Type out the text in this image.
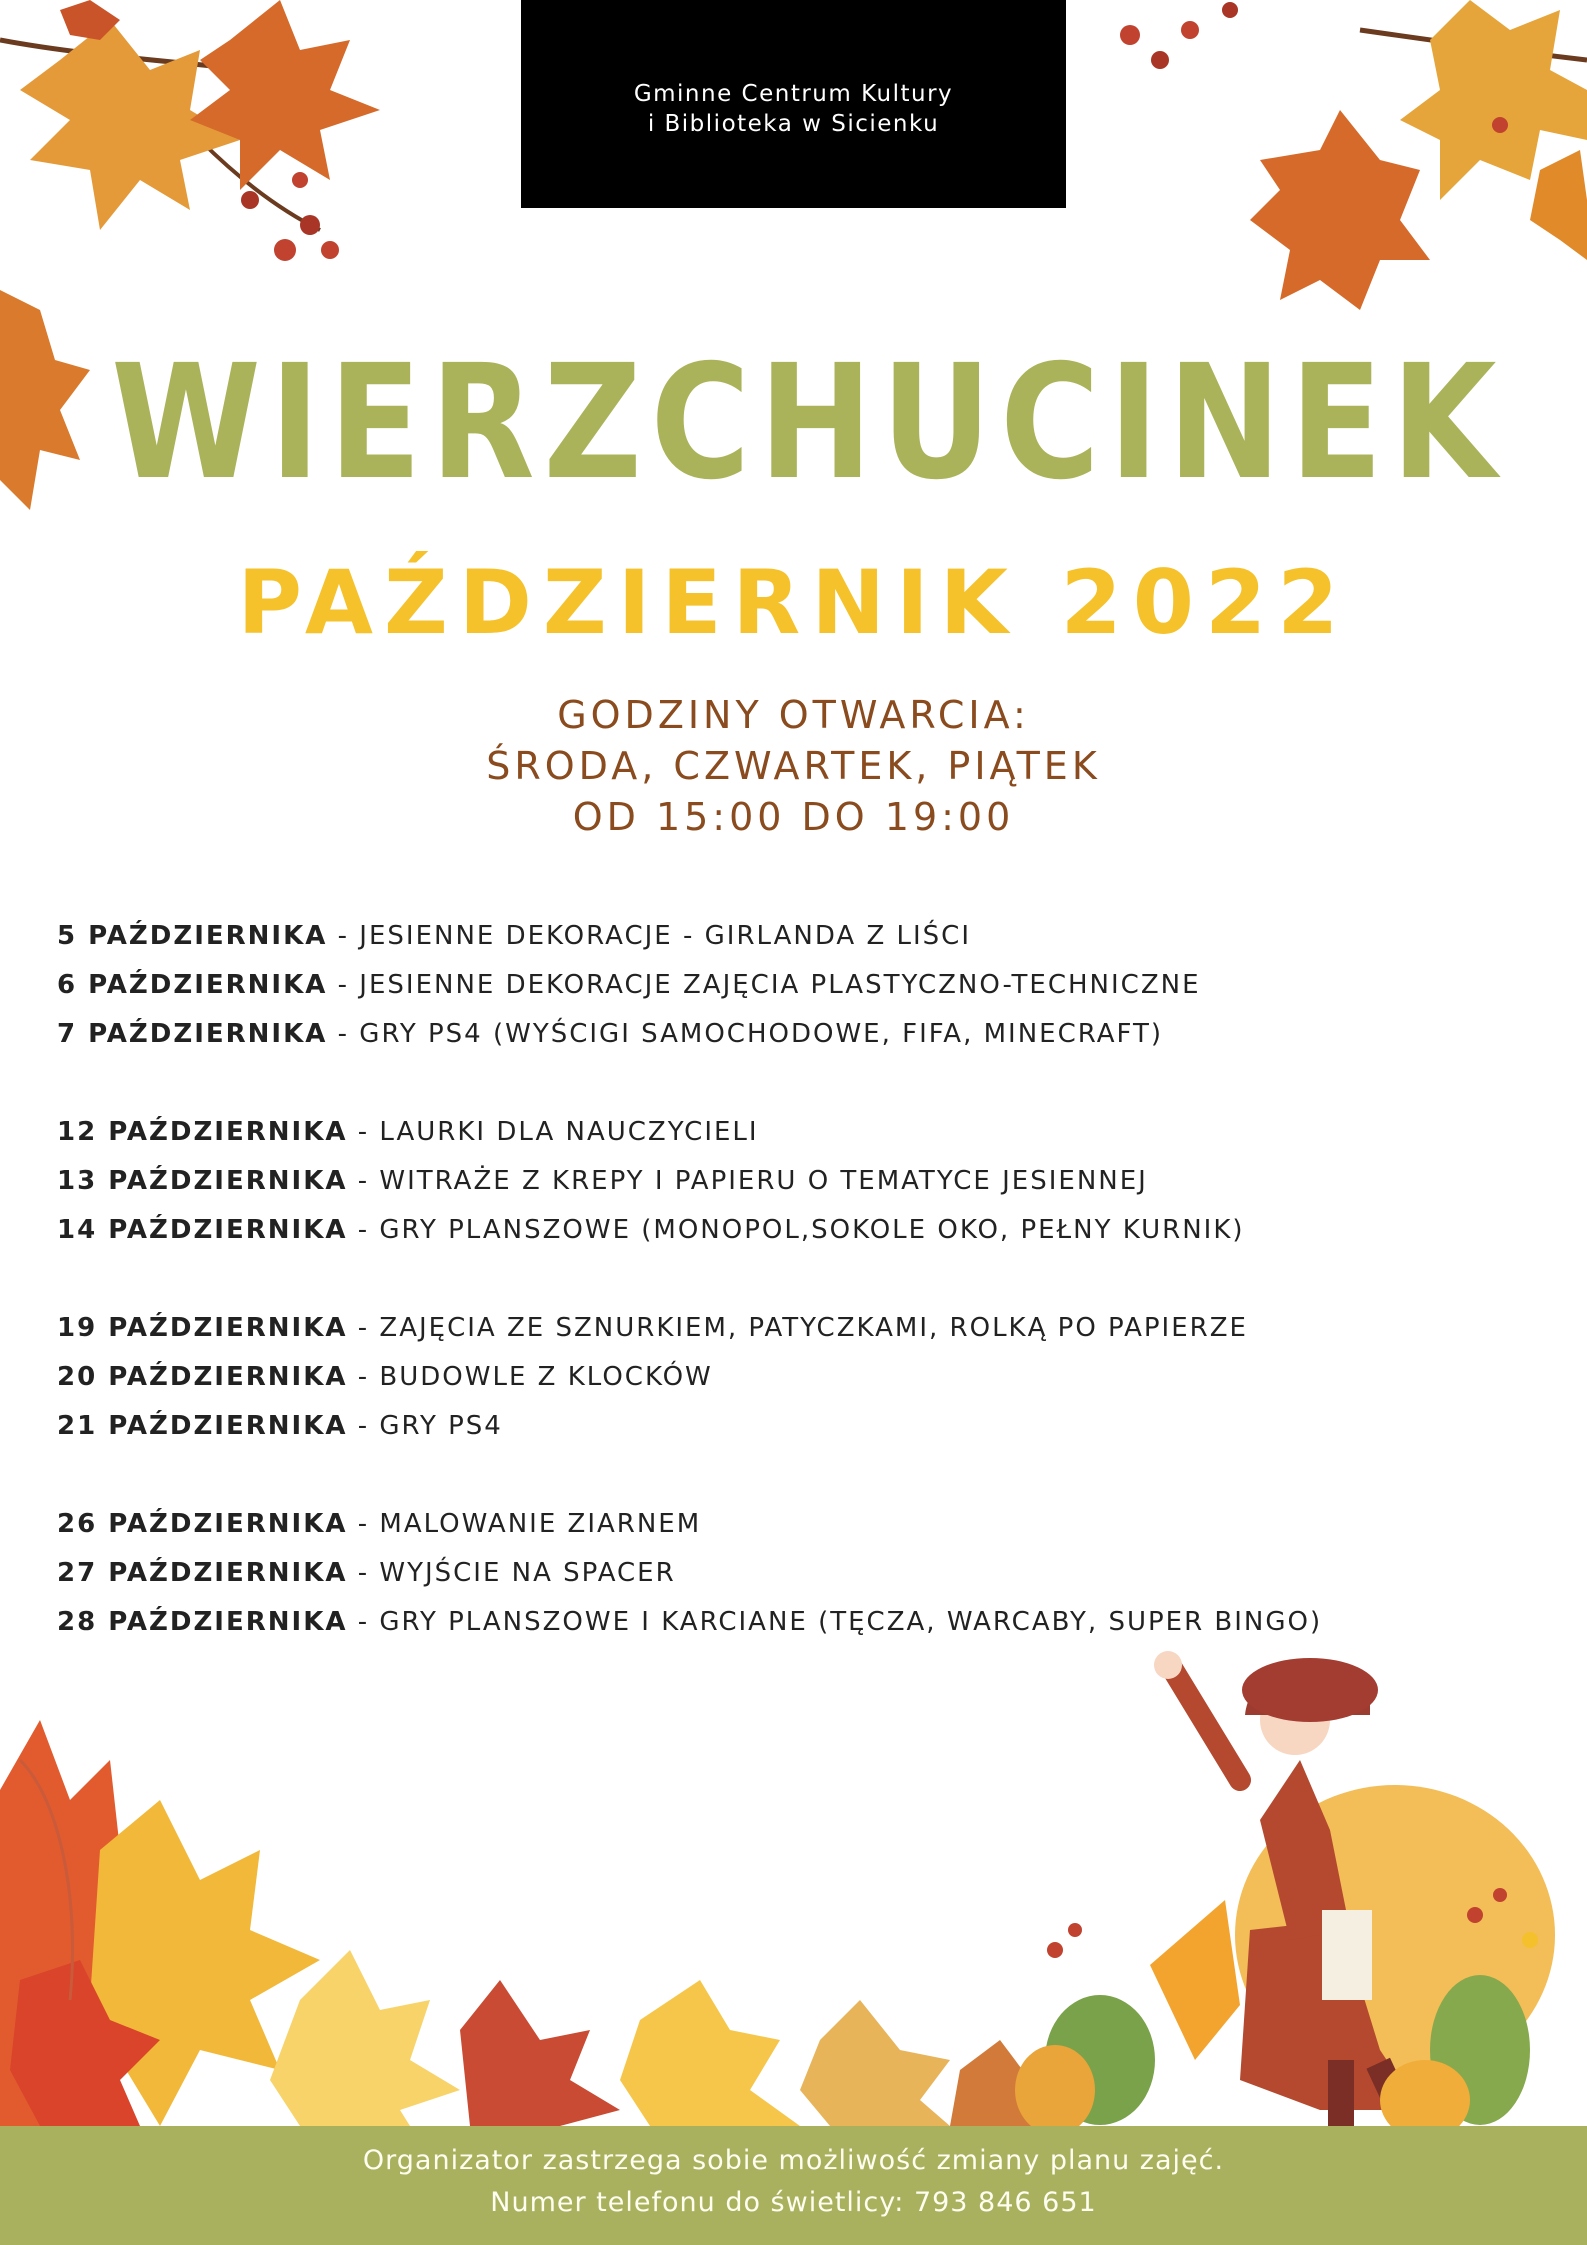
Gminne Centrum Kultury
i Biblioteka w Sicienku
WIERZCHUCINEK
PAŹDZIERNIK 2022
GODZINY OTWARCIA:
ŚRODA, CZWARTEK, PIĄTEK
OD 15:00 DO 19:00
5 PAŹDZIERNIKA - JESIENNE DEKORACJE - GIRLANDA Z LIŚCI
6 PAŹDZIERNIKA - JESIENNE DEKORACJE ZAJĘCIA PLASTYCZNO-TECHNICZNE
7 PAŹDZIERNIKA - GRY PS4 (WYŚCIGI SAMOCHODOWE, FIFA, MINECRAFT)
12 PAŹDZIERNIKA - LAURKI DLA NAUCZYCIELI
13 PAŹDZIERNIKA - WITRAŻE Z KREPY I PAPIERU O TEMATYCE JESIENNEJ
14 PAŹDZIERNIKA - GRY PLANSZOWE (MONOPOL,SOKOLE OKO, PEŁNY KURNIK)
19 PAŹDZIERNIKA - ZAJĘCIA ZE SZNURKIEM, PATYCZKAMI, ROLKĄ PO PAPIERZE
20 PAŹDZIERNIKA - BUDOWLE Z KLOCKÓW
21 PAŹDZIERNIKA - GRY PS4
26 PAŹDZIERNIKA - MALOWANIE ZIARNEM
27 PAŹDZIERNIKA - WYJŚCIE NA SPACER
28 PAŹDZIERNIKA - GRY PLANSZOWE I KARCIANE (TĘCZA, WARCABY, SUPER BINGO)
Organizator zastrzega sobie możliwość zmiany planu zajęć.
Numer telefonu do świetlicy: 793 846 651
